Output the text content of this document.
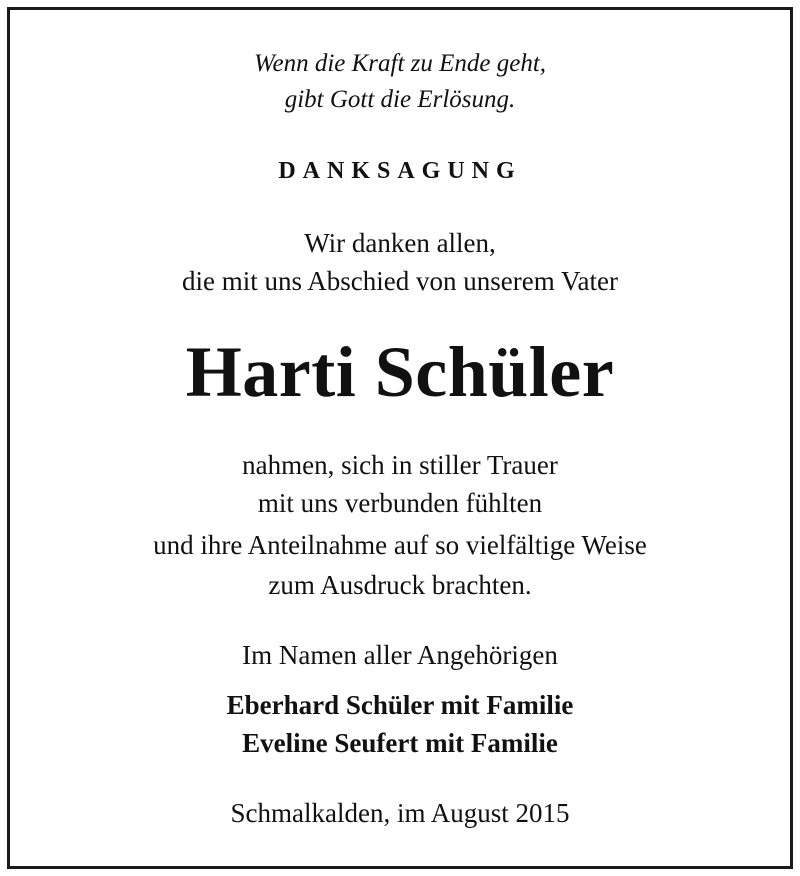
Wenn die Kraft zu Ende geht,
gibt Gott die Erlösung.
DANKSAGUNG
Wir danken allen,
die mit uns Abschied von unserem Vater
Harti Schüler
nahmen, sich in stiller Trauer
mit uns verbunden fühlten
und ihre Anteilnahme auf so vielfältige Weise
zum Ausdruck brachten.
Im Namen aller Angehörigen
Eberhard Schüler mit Familie
Eveline Seufert mit Familie
Schmalkalden, im August 2015
